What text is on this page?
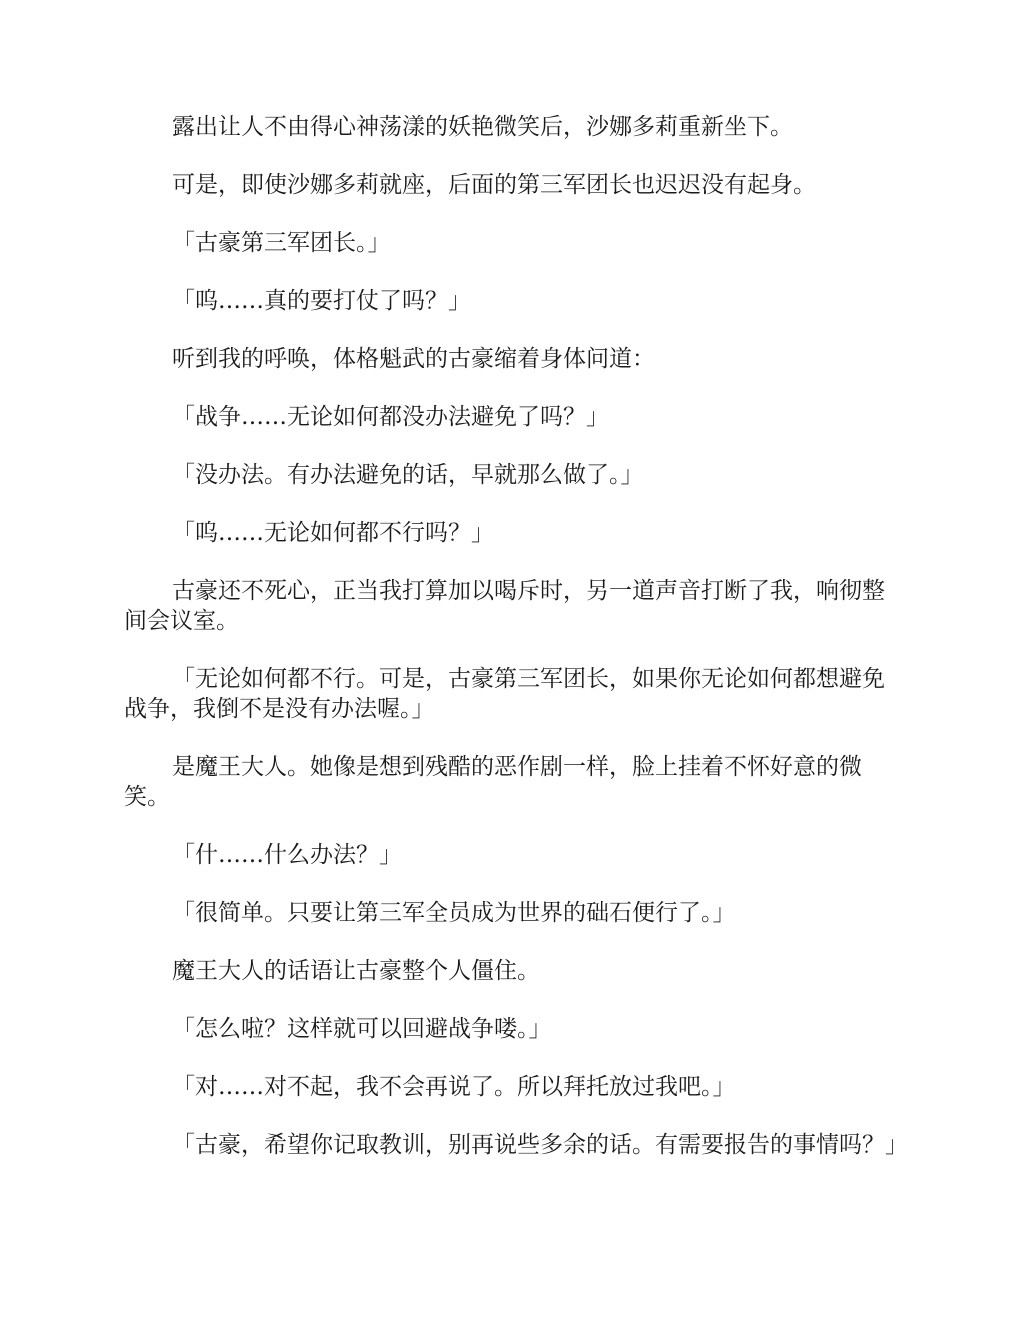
露出让人不由得心神荡漾的妖艳微笑后，沙娜多莉重新坐下。

可是，即使沙娜多莉就座，后面的第三军团长也迟迟没有起身。

「古豪第三军团长。」

「呜……真的要打仗了吗？」

听到我的呼唤，体格魁武的古豪缩着身体问道：

「战争……无论如何都没办法避免了吗？」

「没办法。有办法避免的话，早就那么做了。」

「呜……无论如何都不行吗？」

古豪还不死心，正当我打算加以喝斥时，另一道声音打断了我，响彻整间会议室。

「无论如何都不行。可是，古豪第三军团长，如果你无论如何都想避免战争，我倒不是没有办法喔。」

是魔王大人。她像是想到残酷的恶作剧一样，脸上挂着不怀好意的微笑。

「什……什么办法？」

「很简单。只要让第三军全员成为世界的础石便行了。」

魔王大人的话语让古豪整个人僵住。

「怎么啦？这样就可以回避战争喽。」

「对……对不起，我不会再说了。所以拜托放过我吧。」

「古豪，希望你记取教训，别再说些多余的话。有需要报告的事情吗？」
